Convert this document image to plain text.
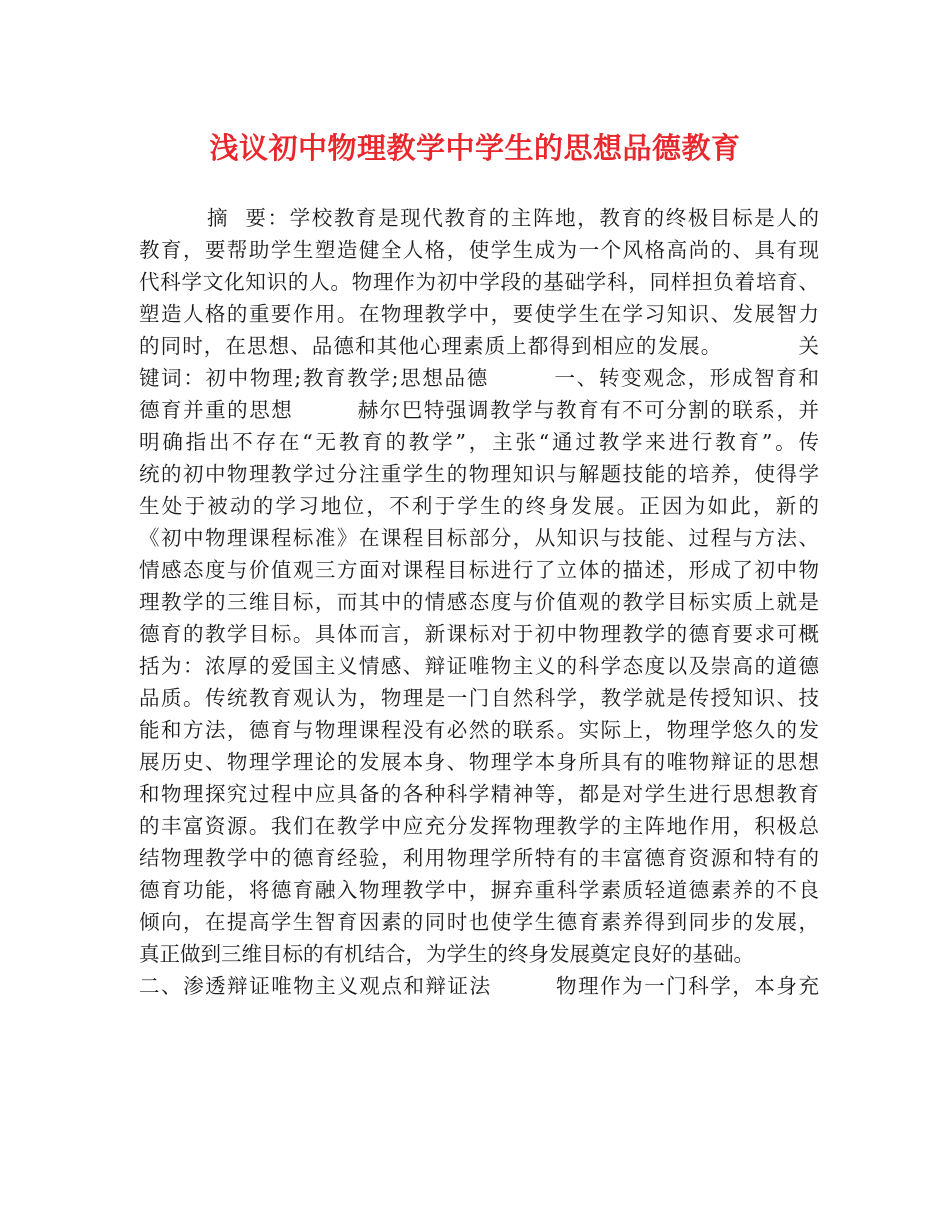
浅议初中物理教学中学生的思想品德教育
摘  要：学校教育是现代教育的主阵地，教育的终极目标是人的
教育，要帮助学生塑造健全人格，使学生成为一个风格高尚的、具有现
代科学文化知识的人。物理作为初中学段的基础学科，同样担负着培育、
塑造人格的重要作用。在物理教学中，要使学生在学习知识、发展智力
的同时，在思想、品德和其他心理素质上都得到相应的发展。          关
键词：初中物理;教育教学;思想品德        一、转变观念，形成智育和
德育并重的思想        赫尔巴特强调教学与教育有不可分割的联系，并
明确指出不存在“无教育的教学”，主张“通过教学来进行教育”。传
统的初中物理教学过分注重学生的物理知识与解题技能的培养，使得学
生处于被动的学习地位，不利于学生的终身发展。正因为如此，新的
《初中物理课程标准》在课程目标部分，从知识与技能、过程与方法、
情感态度与价值观三方面对课程目标进行了立体的描述，形成了初中物
理教学的三维目标，而其中的情感态度与价值观的教学目标实质上就是
德育的教学目标。具体而言，新课标对于初中物理教学的德育要求可概
括为：浓厚的爱国主义情感、辩证唯物主义的科学态度以及崇高的道德
品质。传统教育观认为，物理是一门自然科学，教学就是传授知识、技
能和方法，德育与物理课程没有必然的联系。实际上，物理学悠久的发
展历史、物理学理论的发展本身、物理学本身所具有的唯物辩证的思想
和物理探究过程中应具备的各种科学精神等，都是对学生进行思想教育
的丰富资源。我们在教学中应充分发挥物理教学的主阵地作用，积极总
结物理教学中的德育经验，利用物理学所特有的丰富德育资源和特有的
德育功能，将德育融入物理教学中，摒弃重科学素质轻道德素养的不良
倾向，在提高学生智育因素的同时也使学生德育素养得到同步的发展，
真正做到三维目标的有机结合，为学生的终身发展奠定良好的基础。
二、渗透辩证唯物主义观点和辩证法        物理作为一门科学，本身充
